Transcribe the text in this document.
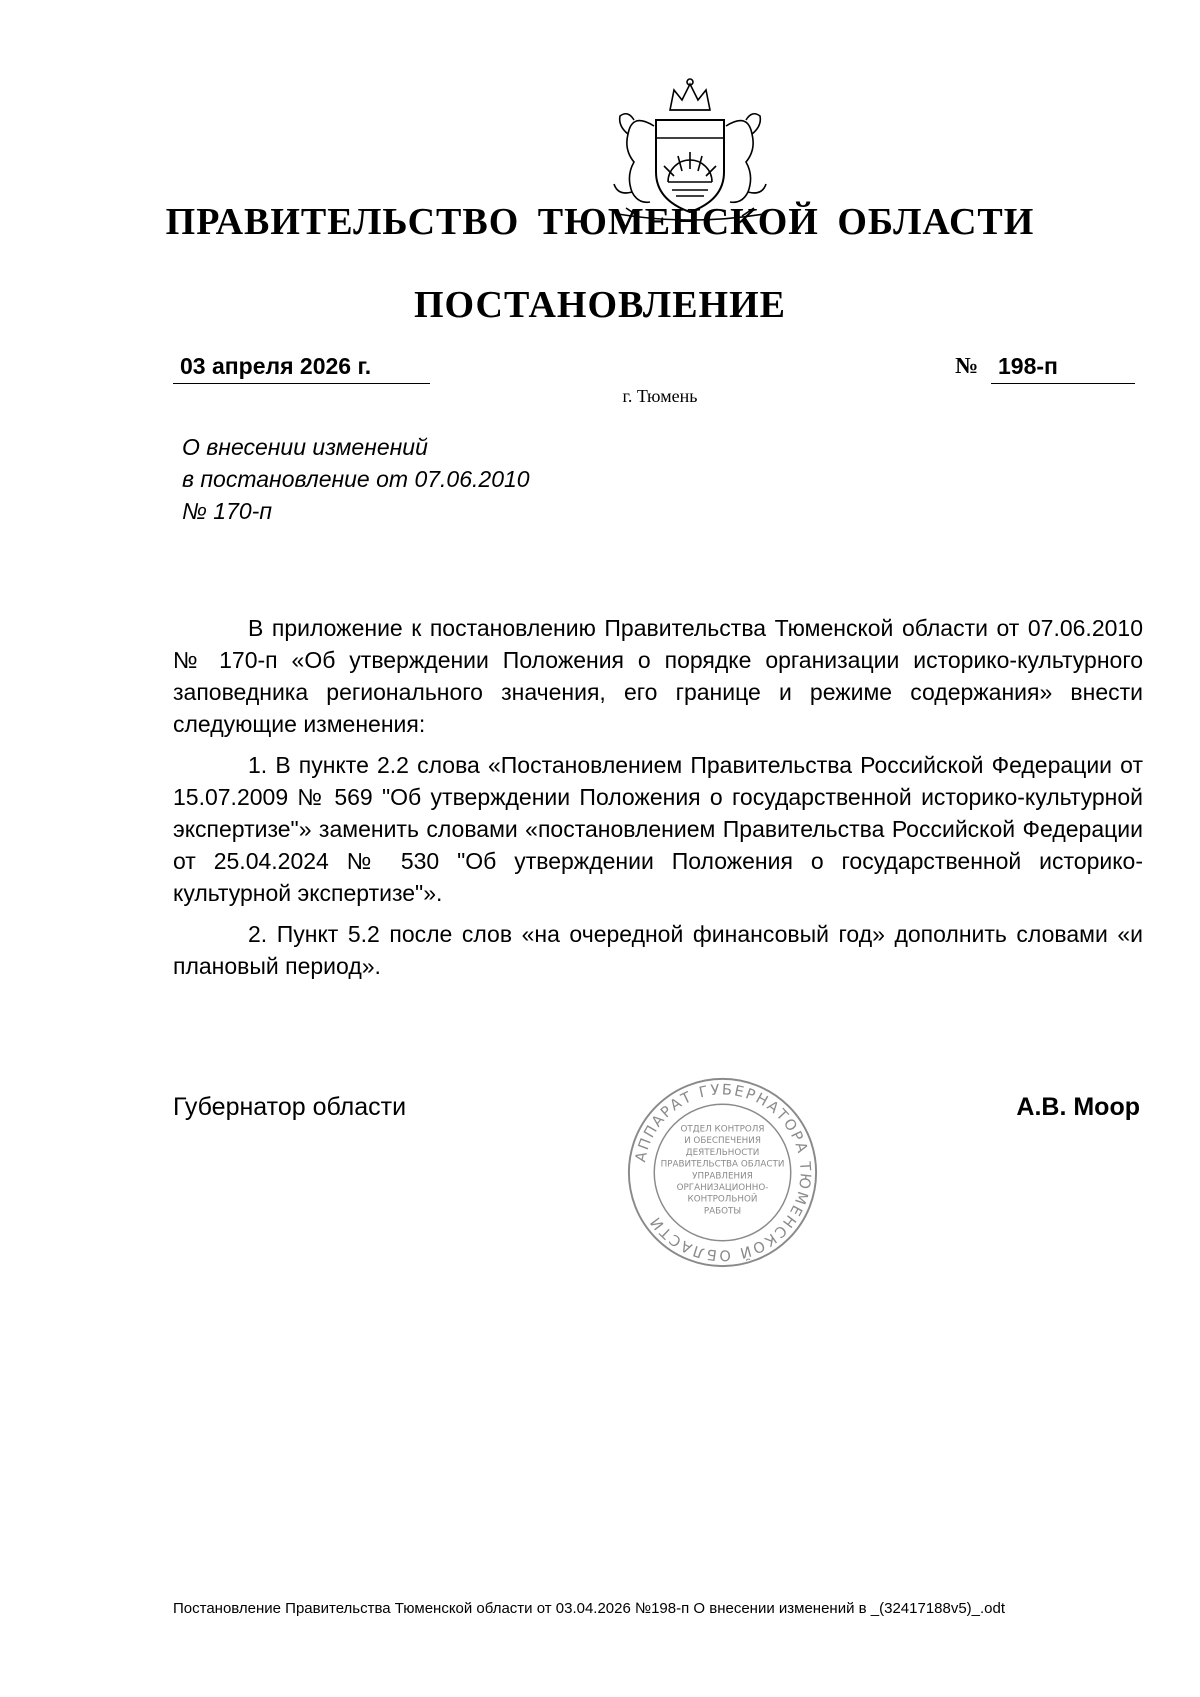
ПРАВИТЕЛЬСТВО ТЮМЕНСКОЙ ОБЛАСТИ
ПОСТАНОВЛЕНИЕ
03 апреля 2026 г.	№ 198-п
г. Тюмень
О внесении изменений
в постановление от 07.06.2010
№ 170-п

В приложение к постановлению Правительства Тюменской области от 07.06.2010 № 170-п «Об утверждении Положения о порядке организации историко-культурного заповедника регионального значения, его границе и режиме содержания» внести следующие изменения:

1. В пункте 2.2 слова «Постановлением Правительства Российской Федерации от 15.07.2009 № 569 "Об утверждении Положения о государственной историко-культурной экспертизе"» заменить словами «постановлением Правительства Российской Федерации от 25.04.2024 № 530 "Об утверждении Положения о государственной историко-культурной экспертизе"».

2. Пункт 5.2 после слов «на очередной финансовый год» дополнить словами «и плановый период».

Губернатор области	А.В. Моор
АППАРАТ ГУБЕРНАТОРА ТЮМЕНСКОЙ ОБЛАСТИ
ОТДЕЛ КОНТРОЛЯ
И ОБЕСПЕЧЕНИЯ
ДЕЯТЕЛЬНОСТИ
ПРАВИТЕЛЬСТВА ОБЛАСТИ
УПРАВЛЕНИЯ
ОРГАНИЗАЦИОННО-
КОНТРОЛЬНОЙ
РАБОТЫ
Постановление Правительства Тюменской области от 03.04.2026 №198-п О внесении изменений в _(32417188v5)_.odt
